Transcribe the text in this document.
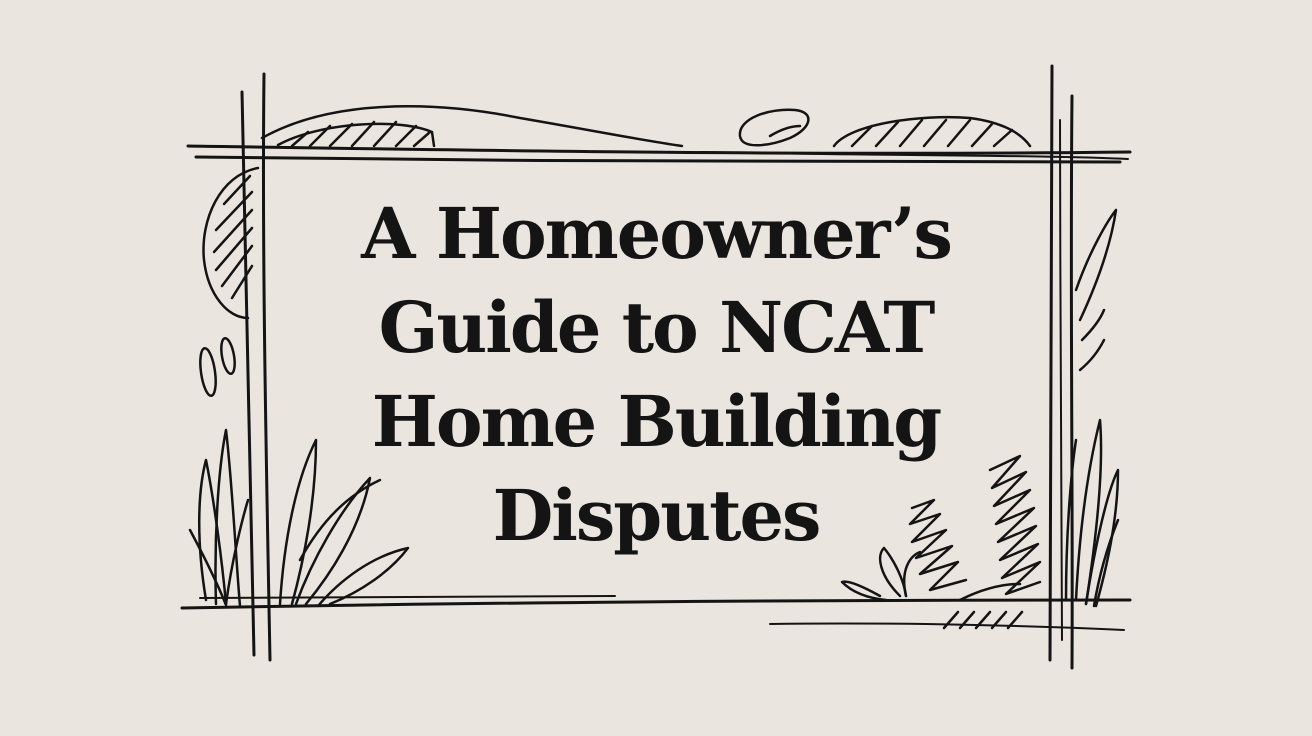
A Homeowner’s
Guide to NCAT
Home Building
Disputes
